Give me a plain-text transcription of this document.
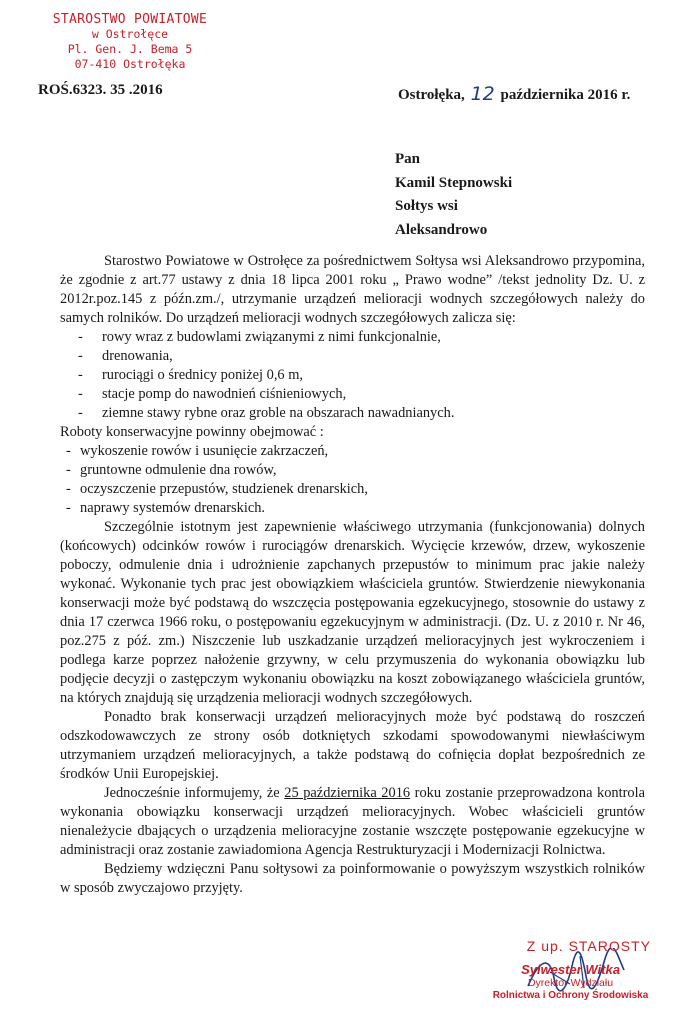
STAROSTWO POWIATOWE
w Ostrołęce
Pl. Gen. J. Bema 5
07-410 Ostrołęka
ROŚ.6323. 35 .2016	Ostrołęka, 12 października 2016 r.
Pan
Kamil Stepnowski
Sołtys wsi
Aleksandrowo

Starostwo Powiatowe w Ostrołęce za pośrednictwem Sołtysa wsi Aleksandrowo przypomina, że zgodnie z art.77 ustawy z dnia 18 lipca 2001 roku „ Prawo wodne” /tekst jednolity Dz. U. z 2012r.poz.145 z późn.zm./, utrzymanie urządzeń melioracji wodnych szczegółowych należy do samych rolników. Do urządzeń melioracji wodnych szczegółowych zalicza się:

- rowy wraz z budowlami związanymi z nimi funkcjonalnie,
- drenowania,
- rurociągi o średnicy poniżej 0,6 m,
- stacje pomp do nawodnień ciśnieniowych,
- ziemne stawy rybne oraz groble na obszarach nawadnianych.

Roboty konserwacyjne powinny obejmować :

- wykoszenie rowów i usunięcie zakrzaczeń,
- gruntowne odmulenie dna rowów,
- oczyszczenie przepustów, studzienek drenarskich,
- naprawy systemów drenarskich.

Szczególnie istotnym jest zapewnienie właściwego utrzymania (funkcjonowania) dolnych (końcowych) odcinków rowów i rurociągów drenarskich. Wycięcie krzewów, drzew, wykoszenie poboczy, odmulenie dnia i udrożnienie zapchanych przepustów to minimum prac jakie należy wykonać. Wykonanie tych prac jest obowiązkiem właściciela gruntów. Stwierdzenie niewykonania konserwacji może być podstawą do wszczęcia postępowania egzekucyjnego, stosownie do ustawy z dnia 17 czerwca 1966 roku, o postępowaniu egzekucyjnym w administracji. (Dz. U. z 2010 r. Nr 46, poz.275 z póź. zm.) Niszczenie lub uszkadzanie urządzeń melioracyjnych jest wykroczeniem i podlega karze poprzez nałożenie grzywny, w celu przymuszenia do wykonania obowiązku lub podjęcie decyzji o zastępczym wykonaniu obowiązku na koszt zobowiązanego właściciela gruntów, na których znajdują się urządzenia melioracji wodnych szczegółowych.

Ponadto brak konserwacji urządzeń melioracyjnych może być podstawą do roszczeń odszkodowawczych ze strony osób dotkniętych szkodami spowodowanymi niewłaściwym utrzymaniem urządzeń melioracyjnych, a także podstawą do cofnięcia dopłat bezpośrednich ze środków Unii Europejskiej.

Jednocześnie informujemy, że 25 października 2016 roku zostanie przeprowadzona kontrola wykonania obowiązku konserwacji urządzeń melioracyjnych. Wobec właścicieli gruntów nienależycie dbających o urządzenia melioracyjne zostanie wszczęte postępowanie egzekucyjne w administracji oraz zostanie zawiadomiona Agencja Restrukturyzacji i Modernizacji Rolnictwa.

Będziemy wdzięczni Panu sołtysowi za poinformowanie o powyższym wszystkich rolników w sposób zwyczajowo przyjęty.

Z up. STAROSTY
Sylwester Witka
Dyrektor Wydziału
Rolnictwa i Ochrony Środowiska
